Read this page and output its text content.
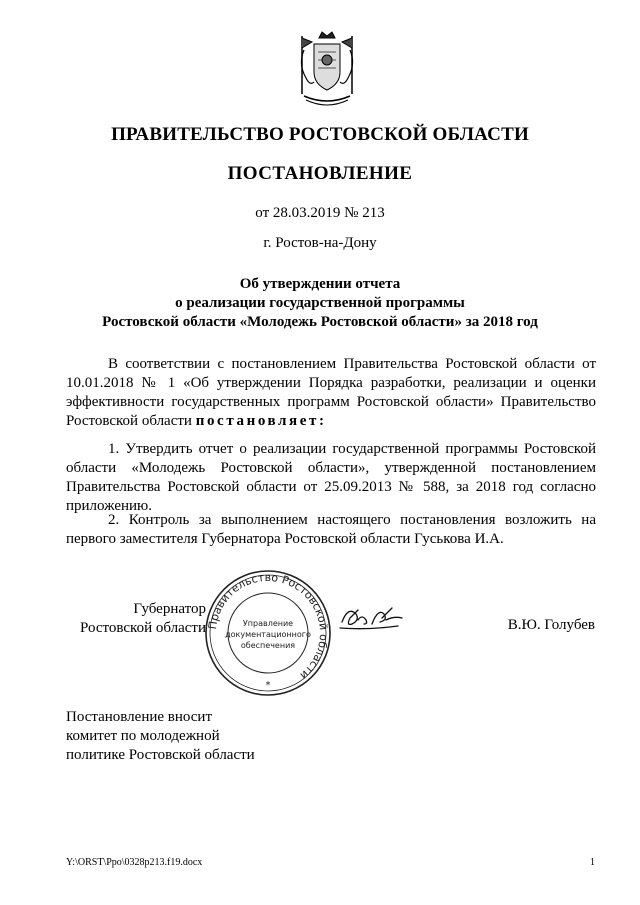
ПРАВИТЕЛЬСТВО РОСТОВСКОЙ ОБЛАСТИ
ПОСТАНОВЛЕНИЕ
от 28.03.2019 № 213
г. Ростов-на-Дону
Об утверждении отчета
о реализации государственной программы
Ростовской области «Молодежь Ростовской области» за 2018 год
В соответствии с постановлением Правительства Ростовской области от 10.01.2018 № 1 «Об утверждении Порядка разработки, реализации и оценки эффективности государственных программ Ростовской области» Правительство Ростовской области постановляет:
1. Утвердить отчет о реализации государственной программы Ростовской области «Молодежь Ростовской области», утвержденной постановлением Правительства Ростовской области от 25.09.2013 № 588, за 2018 год согласно приложению.
2. Контроль за выполнением настоящего постановления возложить на первого заместителя Губернатора Ростовской области Гуськова И.А.
Губернатор
Ростовской области Правительство Ростовской области
Управление
документационного
обеспечения
*
В.Ю. Голубев
Постановление вносит
комитет по молодежной
политике Ростовской области
Y:\ORST\Ppo\0328p213.f19.docx	1
